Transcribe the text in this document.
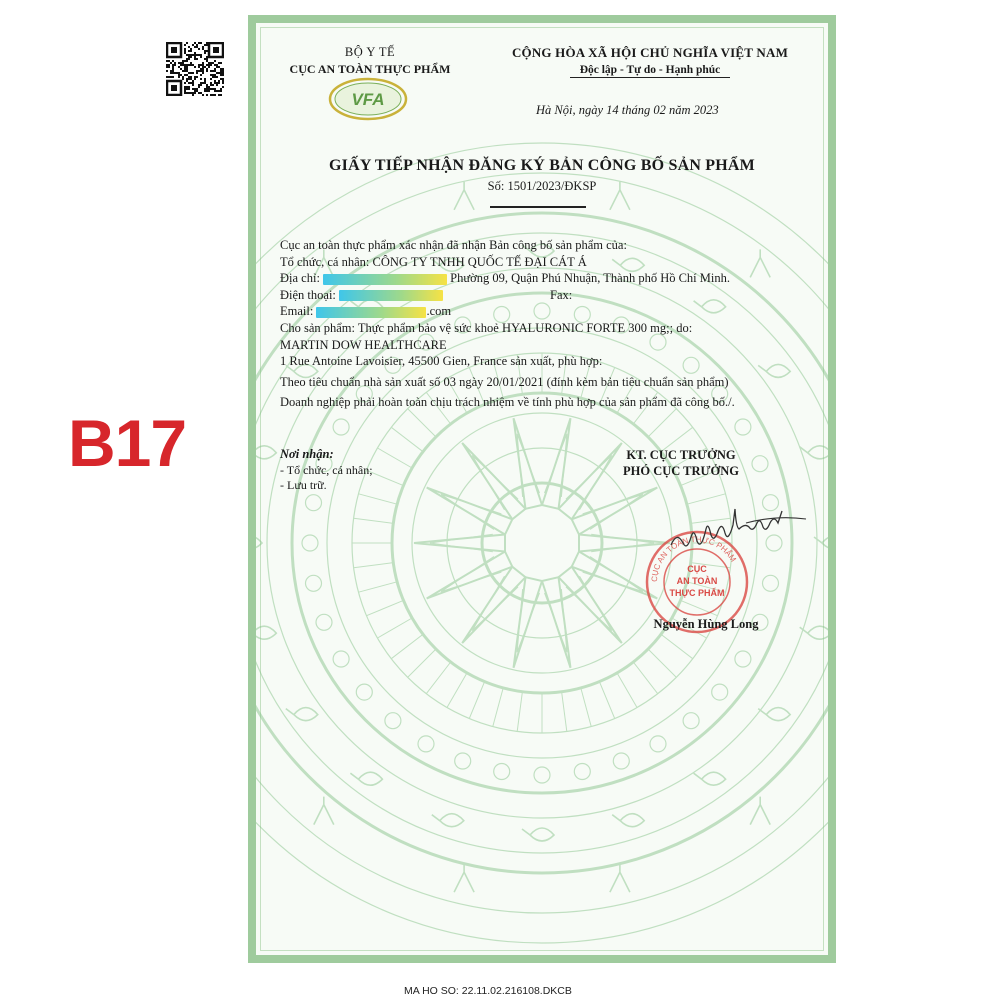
B17
BỘ Y TẾ
CỤC AN TOÀN THỰC PHẨM
VFA
CỘNG HÒA XÃ HỘI CHỦ NGHĨA VIỆT NAM
Độc lập - Tự do - Hạnh phúc
Hà Nội, ngày 14 tháng 02 năm 2023
GIẤY TIẾP NHẬN ĐĂNG KÝ BẢN CÔNG BỐ SẢN PHẨM
Số: 1501/2023/ĐKSP
Cục an toàn thực phẩm xác nhận đã nhận Bản công bố sản phẩm của:
Tổ chức, cá nhân: CÔNG TY TNHH QUỐC TẾ ĐẠI CÁT Á
Địa chỉ:	Phường 09, Quận Phú Nhuận, Thành phố Hồ Chí Minh.
Điện thoại:	Fax:
Email:	.com
Cho sản phẩm: Thực phẩm bảo vệ sức khoẻ HYALURONIC FORTE 300 mg;; do:
MARTIN DOW HEALTHCARE
1 Rue Antoine Lavoisier, 45500 Gien, France sản xuất, phù hợp:
Theo tiêu chuẩn nhà sản xuất số 03 ngày 20/01/2021 (đính kèm bản tiêu chuẩn sản phẩm)
Doanh nghiệp phải hoàn toàn chịu trách nhiệm về tính phù hợp của sản phẩm đã công bố./.
Nơi nhận:
- Tổ chức, cá nhân;
- Lưu trữ.
KT. CỤC TRƯỞNG
PHÓ CỤC TRƯỞNG
CỤC AN TOÀN THỰC PHẨM
CỤC
AN TOÀN
THỰC PHẨM
Nguyễn Hùng Long
MA HO SO: 22.11.02.216108.DKCB
